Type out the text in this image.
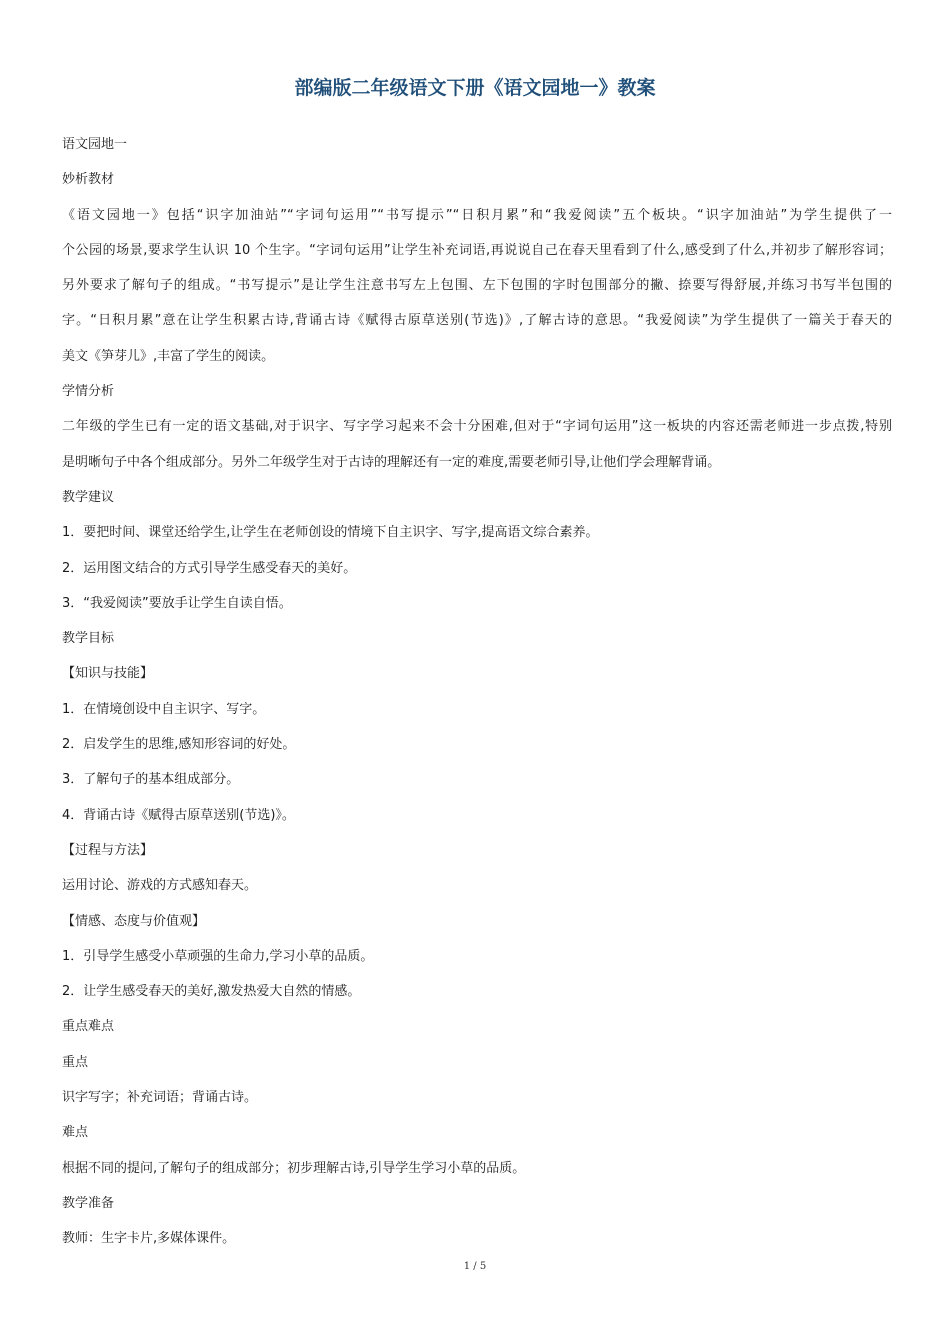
部编版二年级语文下册《语文园地一》教案

语文园地一

妙析教材

《语文园地一》包括“识字加油站”“字词句运用”“书写提示”“日积月累”和“我爱阅读”五个板块。“识字加油站”为学生提供了一

个公园的场景,要求学生认识 10 个生字。“字词句运用”让学生补充词语,再说说自己在春天里看到了什么,感受到了什么,并初步了解形容词；

另外要求了解句子的组成。“书写提示”是让学生注意书写左上包围、左下包围的字时包围部分的撇、捺要写得舒展,并练习书写半包围的

字。“日积月累”意在让学生积累古诗,背诵古诗《赋得古原草送别(节选)》,了解古诗的意思。“我爱阅读”为学生提供了一篇关于春天的

美文《笋芽儿》,丰富了学生的阅读。

学情分析

二年级的学生已有一定的语文基础,对于识字、写字学习起来不会十分困难,但对于“字词句运用”这一板块的内容还需老师进一步点拨,特别

是明晰句子中各个组成部分。另外二年级学生对于古诗的理解还有一定的难度,需要老师引导,让他们学会理解背诵。

教学建议

1．要把时间、课堂还给学生,让学生在老师创设的情境下自主识字、写字,提高语文综合素养。

2．运用图文结合的方式引导学生感受春天的美好。

3．“我爱阅读”要放手让学生自读自悟。

教学目标

【知识与技能】

1．在情境创设中自主识字、写字。

2．启发学生的思维,感知形容词的好处。

3．了解句子的基本组成部分。

4．背诵古诗《赋得古原草送别(节选)》。

【过程与方法】

运用讨论、游戏的方式感知春天。

【情感、态度与价值观】

1．引导学生感受小草顽强的生命力,学习小草的品质。

2．让学生感受春天的美好,激发热爱大自然的情感。

重点难点

重点

识字写字；补充词语；背诵古诗。

难点

根据不同的提问,了解句子的组成部分；初步理解古诗,引导学生学习小草的品质。

教学准备

教师：生字卡片,多媒体课件。

1 / 5
